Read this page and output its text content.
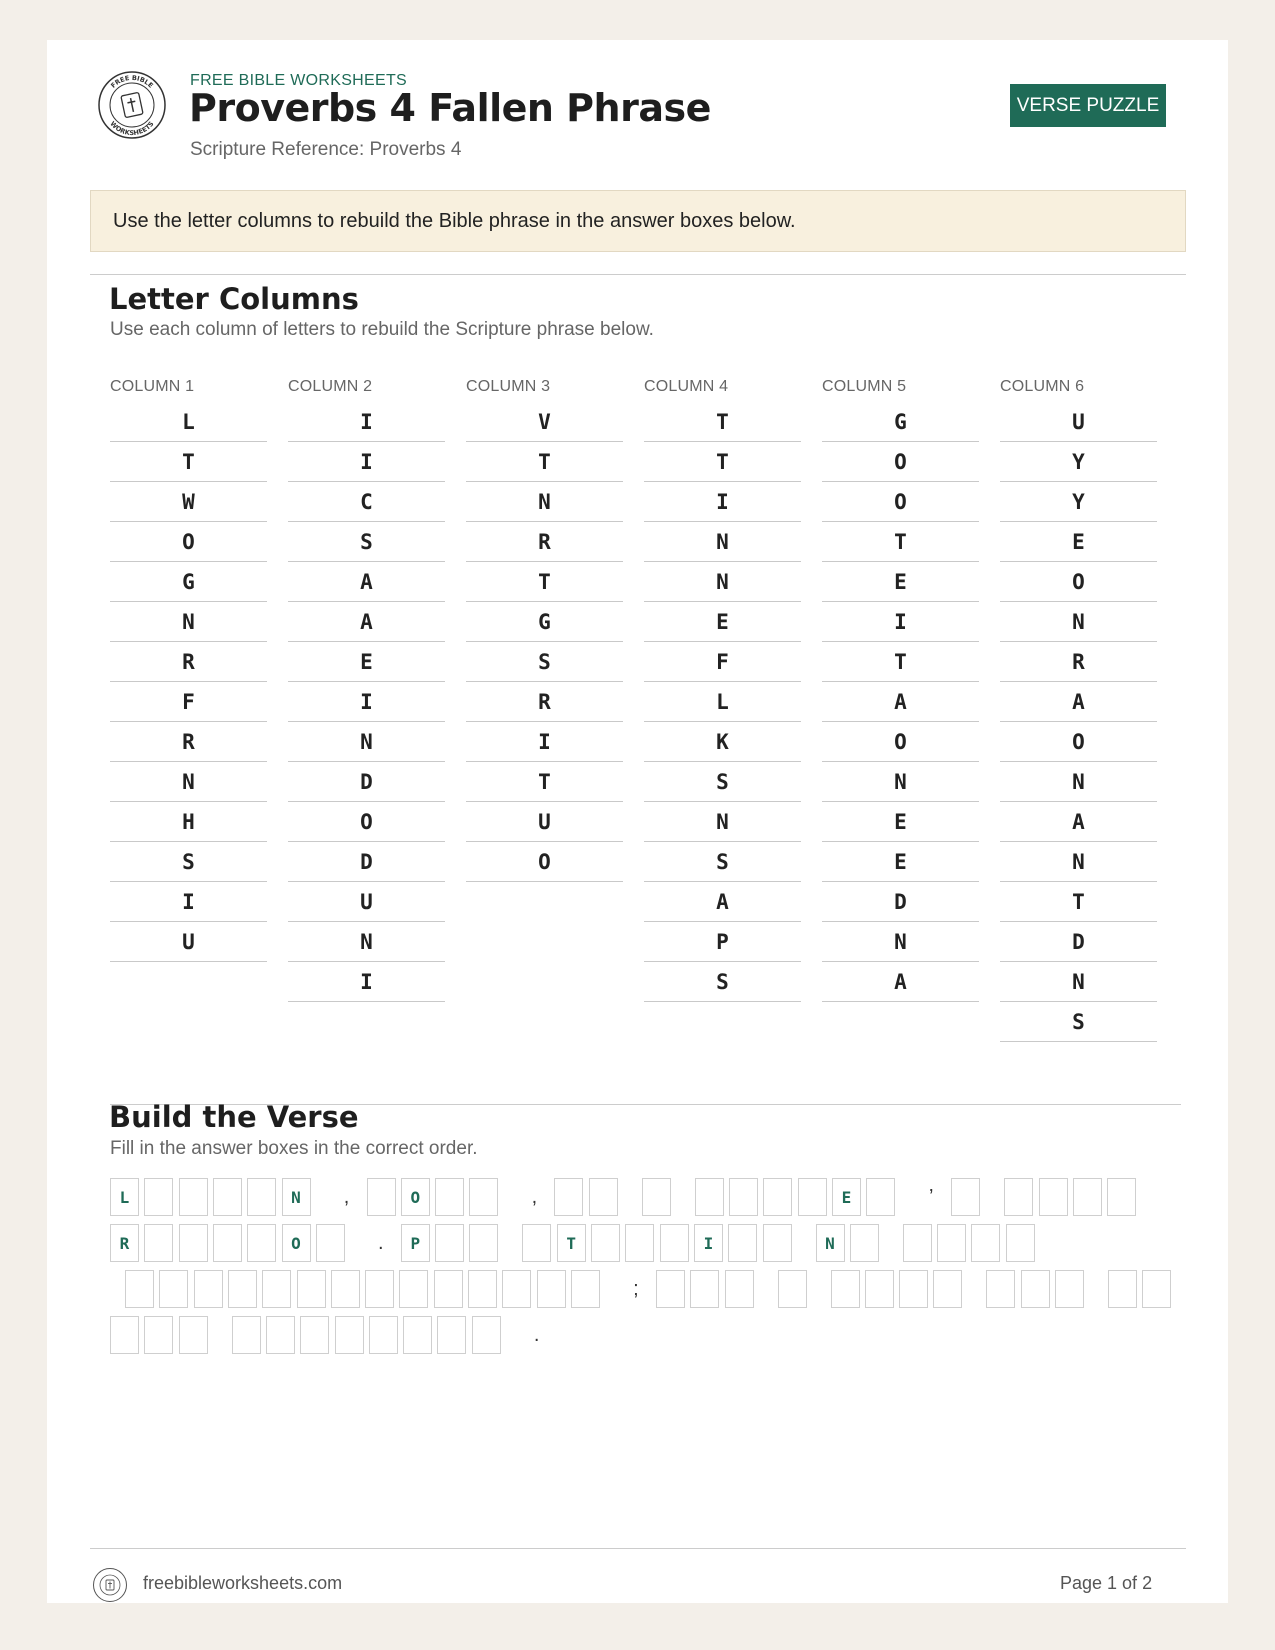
FREE BIBLE
WORKSHEETS
FREE BIBLE WORKSHEETS
Proverbs 4 Fallen Phrase
Scripture Reference: Proverbs 4
VERSE PUZZLE
Use the letter columns to rebuild the Bible phrase in the answer boxes below.
Letter Columns
Use each column of letters to rebuild the Scripture phrase below.
COLUMN 1
L
T
W
O
G
N
R
F
R
N
H
S
I
U
COLUMN 2
I
I
C
S
A
A
E
I
N
D
O
D
U
N
I
COLUMN 3
V
T
N
R
T
G
S
R
I
T
U
O
COLUMN 4
T
T
I
N
N
E
F
L
K
S
N
S
A
P
S
COLUMN 5
G
O
O
T
E
I
T
A
O
N
E
E
D
N
A
COLUMN 6
U
Y
Y
E
O
N
R
A
O
N
A
N
T
D
N
S
Build the Verse
Fill in the answer boxes in the correct order.
L	N	,	O	,	E	’
R	O	.	P	T	I	N
;
.
freebibleworksheets.com	Page 1 of 2
